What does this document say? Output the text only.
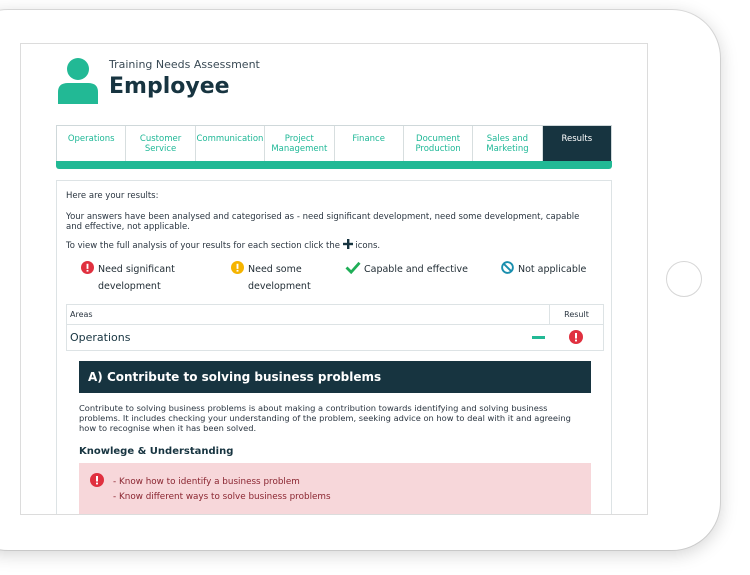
Training Needs Assessment
Employee
Operations	Customer
Service
Communication	Project
Management
Finance	Document
Production
Sales and
Marketing
Results
Here are your results:
Your answers have been analysed and categorised as - need significant development, need some development, capable and effective, not applicable.
To view the full analysis of your results for each section click the icons.
Need significant
development
Need some
development
Capable and effective	Not applicable
Areas	Result
Operations
A) Contribute to solving business problems
Contribute to solving business problems is about making a contribution towards identifying and solving business problems. It includes checking your understanding of the problem, seeking advice on how to deal with it and agreeing how to recognise when it has been solved.
Knowlege & Understanding
- Know how to identify a business problem
- Know different ways to solve business problems
